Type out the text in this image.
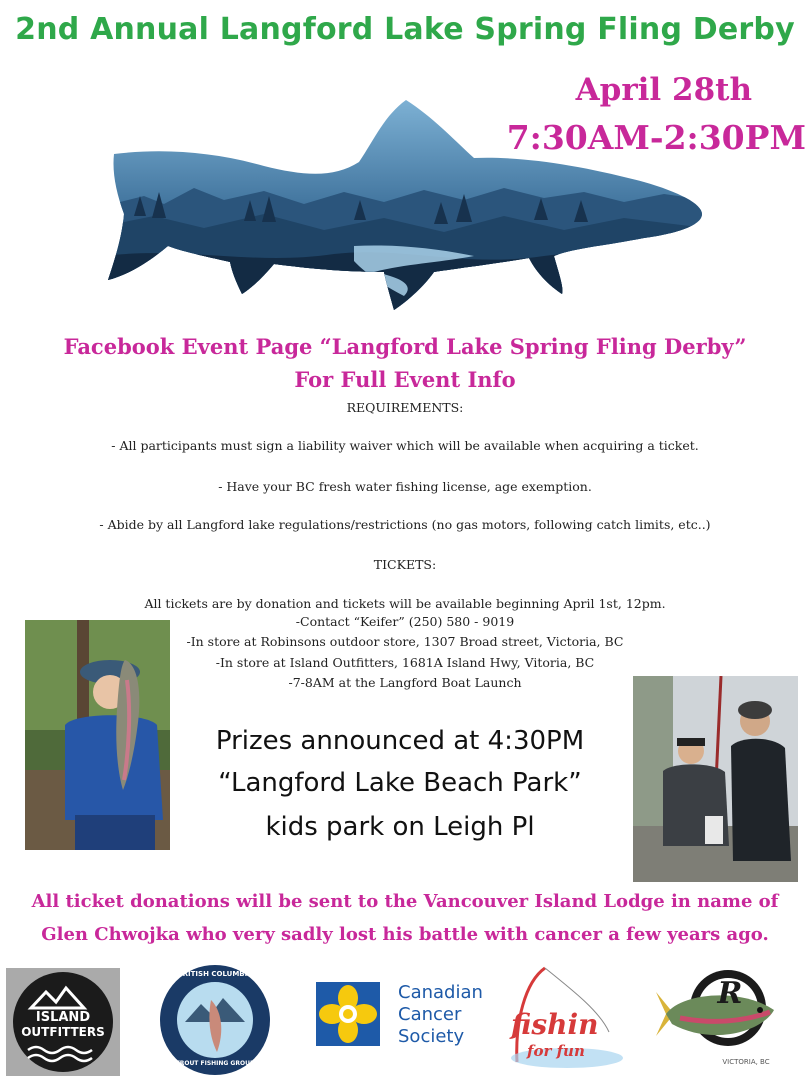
2nd Annual Langford Lake Spring Fling Derby
April 28th
7:30AM-2:30PM
Facebook Event Page “Langford Lake Spring Fling Derby”
For Full Event Info
REQUIREMENTS:
- All participants must sign a liability waiver which will be available when acquiring a ticket.
- Have your BC fresh water fishing license, age exemption.
- Abide by all Langford lake regulations/restrictions (no gas motors, following catch limits, etc..)
TICKETS:
All tickets are by donation and tickets will be available beginning April 1st, 12pm.
-Contact “Keifer” (250) 580 - 9019
-In store at Robinsons outdoor store, 1307 Broad street, Victoria, BC
-In store at Island Outfitters, 1681A Island Hwy, Vitoria, BC
-7-8AM at the Langford Boat Launch
Prizes announced at 4:30PM
“Langford Lake Beach Park”
kids park on Leigh Pl
All ticket donations will be sent to the Vancouver Island Lodge in name of
Glen Chwojka who very sadly lost his battle with cancer a few years ago.
ISLAND
OUTFITTERS
BRITISH COLUMBIA
TROUT FISHING GROUP
Canadian
Cancer
Society	fishin
for fun
R
VICTORIA, BC
